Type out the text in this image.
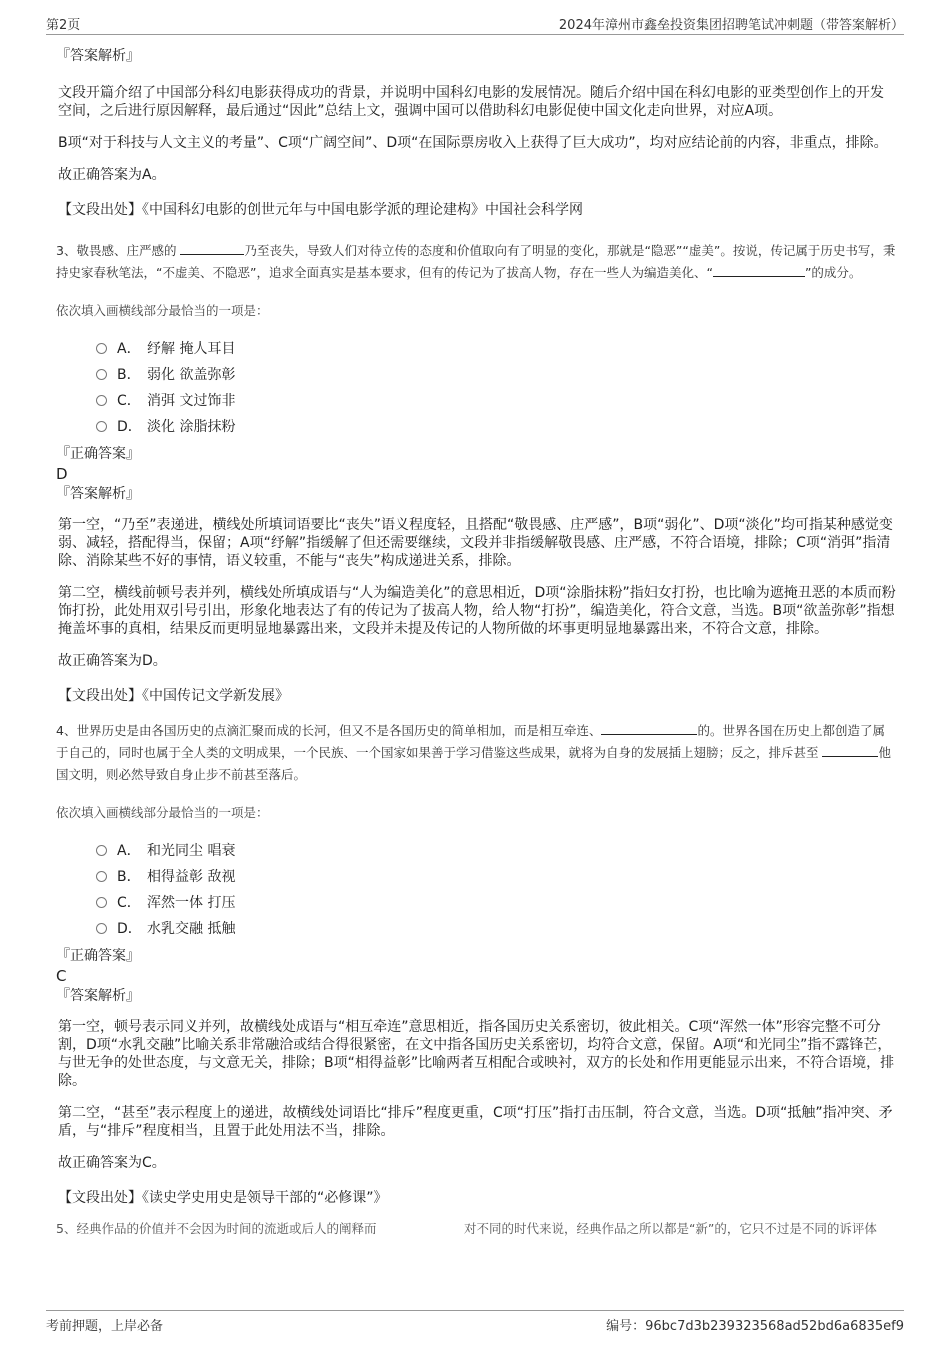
第2页	2024年漳州市鑫垒投资集团招聘笔试冲刺题（带答案解析）

『答案解析』

文段开篇介绍了中国部分科幻电影获得成功的背景，并说明中国科幻电影的发展情况。随后介绍中国在科幻电影的亚类型创作上的开发空间，之后进行原因解释，最后通过“因此”总结上文，强调中国可以借助科幻电影促使中国文化走向世界，对应A项。

B项“对于科技与人文主义的考量”、C项“广阔空间”、D项“在国际票房收入上获得了巨大成功”，均对应结论前的内容，非重点，排除。

故正确答案为A。

【文段出处】《中国科幻电影的创世元年与中国电影学派的理论建构》中国社会科学网

3、敬畏感、庄严感的	乃至丧失，导致人们对待立传的态度和价值取向有了明显的变化，那就是“隐恶”“虚美”。按说，传记属于历史书写，秉持史家春秋笔法，“不虚美、不隐恶”，追求全面真实是基本要求，但有的传记为了拔高人物，存在一些人为编造美化、“	”的成分。

依次填入画横线部分最恰当的一项是：

A． 纾解 掩人耳目
B． 弱化 欲盖弥彰
C． 消弭 文过饰非
D． 淡化 涂脂抹粉

『正确答案』

D

『答案解析』

第一空，“乃至”表递进，横线处所填词语要比“丧失”语义程度轻，且搭配“敬畏感、庄严感”，B项“弱化”、D项“淡化”均可指某种感觉变弱、减轻，搭配得当，保留；A项“纾解”指缓解了但还需要继续，文段并非指缓解敬畏感、庄严感，不符合语境，排除；C项“消弭”指清除、消除某些不好的事情，语义较重，不能与“丧失”构成递进关系，排除。

第二空，横线前顿号表并列，横线处所填成语与“人为编造美化”的意思相近，D项“涂脂抹粉”指妇女打扮，也比喻为遮掩丑恶的本质而粉饰打扮，此处用双引号引出，形象化地表达了有的传记为了拔高人物，给人物“打扮”，编造美化，符合文意，当选。B项“欲盖弥彰”指想掩盖坏事的真相，结果反而更明显地暴露出来，文段并未提及传记的人物所做的坏事更明显地暴露出来，不符合文意，排除。

故正确答案为D。

【文段出处】《中国传记文学新发展》

4、世界历史是由各国历史的点滴汇聚而成的长河，但又不是各国历史的简单相加，而是相互牵连、	的。世界各国在历史上都创造了属于自己的，同时也属于全人类的文明成果，一个民族、一个国家如果善于学习借鉴这些成果，就将为自身的发展插上翅膀；反之，排斥甚至	他国文明，则必然导致自身止步不前甚至落后。

依次填入画横线部分最恰当的一项是：

A． 和光同尘 唱衰
B． 相得益彰 敌视
C． 浑然一体 打压
D． 水乳交融 抵触

『正确答案』

C

『答案解析』

第一空，顿号表示同义并列，故横线处成语与“相互牵连”意思相近，指各国历史关系密切，彼此相关。C项“浑然一体”形容完整不可分割，D项“水乳交融”比喻关系非常融洽或结合得很紧密，在文中指各国历史关系密切，均符合文意，保留。A项“和光同尘”指不露锋芒，与世无争的处世态度，与文意无关，排除；B项“相得益彰”比喻两者互相配合或映衬，双方的长处和作用更能显示出来，不符合语境，排除。

第二空，“甚至”表示程度上的递进，故横线处词语比“排斥”程度更重，C项“打压”指打击压制，符合文意，当选。D项“抵触”指冲突、矛盾，与“排斥”程度相当，且置于此处用法不当，排除。

故正确答案为C。

【文段出处】《读史学史用史是领导干部的“必修课”》

5、经典作品的价值并不会因为时间的流逝或后人的阐释而　　　　　　　对不同的时代来说，经典作品之所以都是“新”的，它只不过是不同的诉评体
考前押题，上岸必备	编号：96bc7d3b239323568ad52bd6a6835ef9
